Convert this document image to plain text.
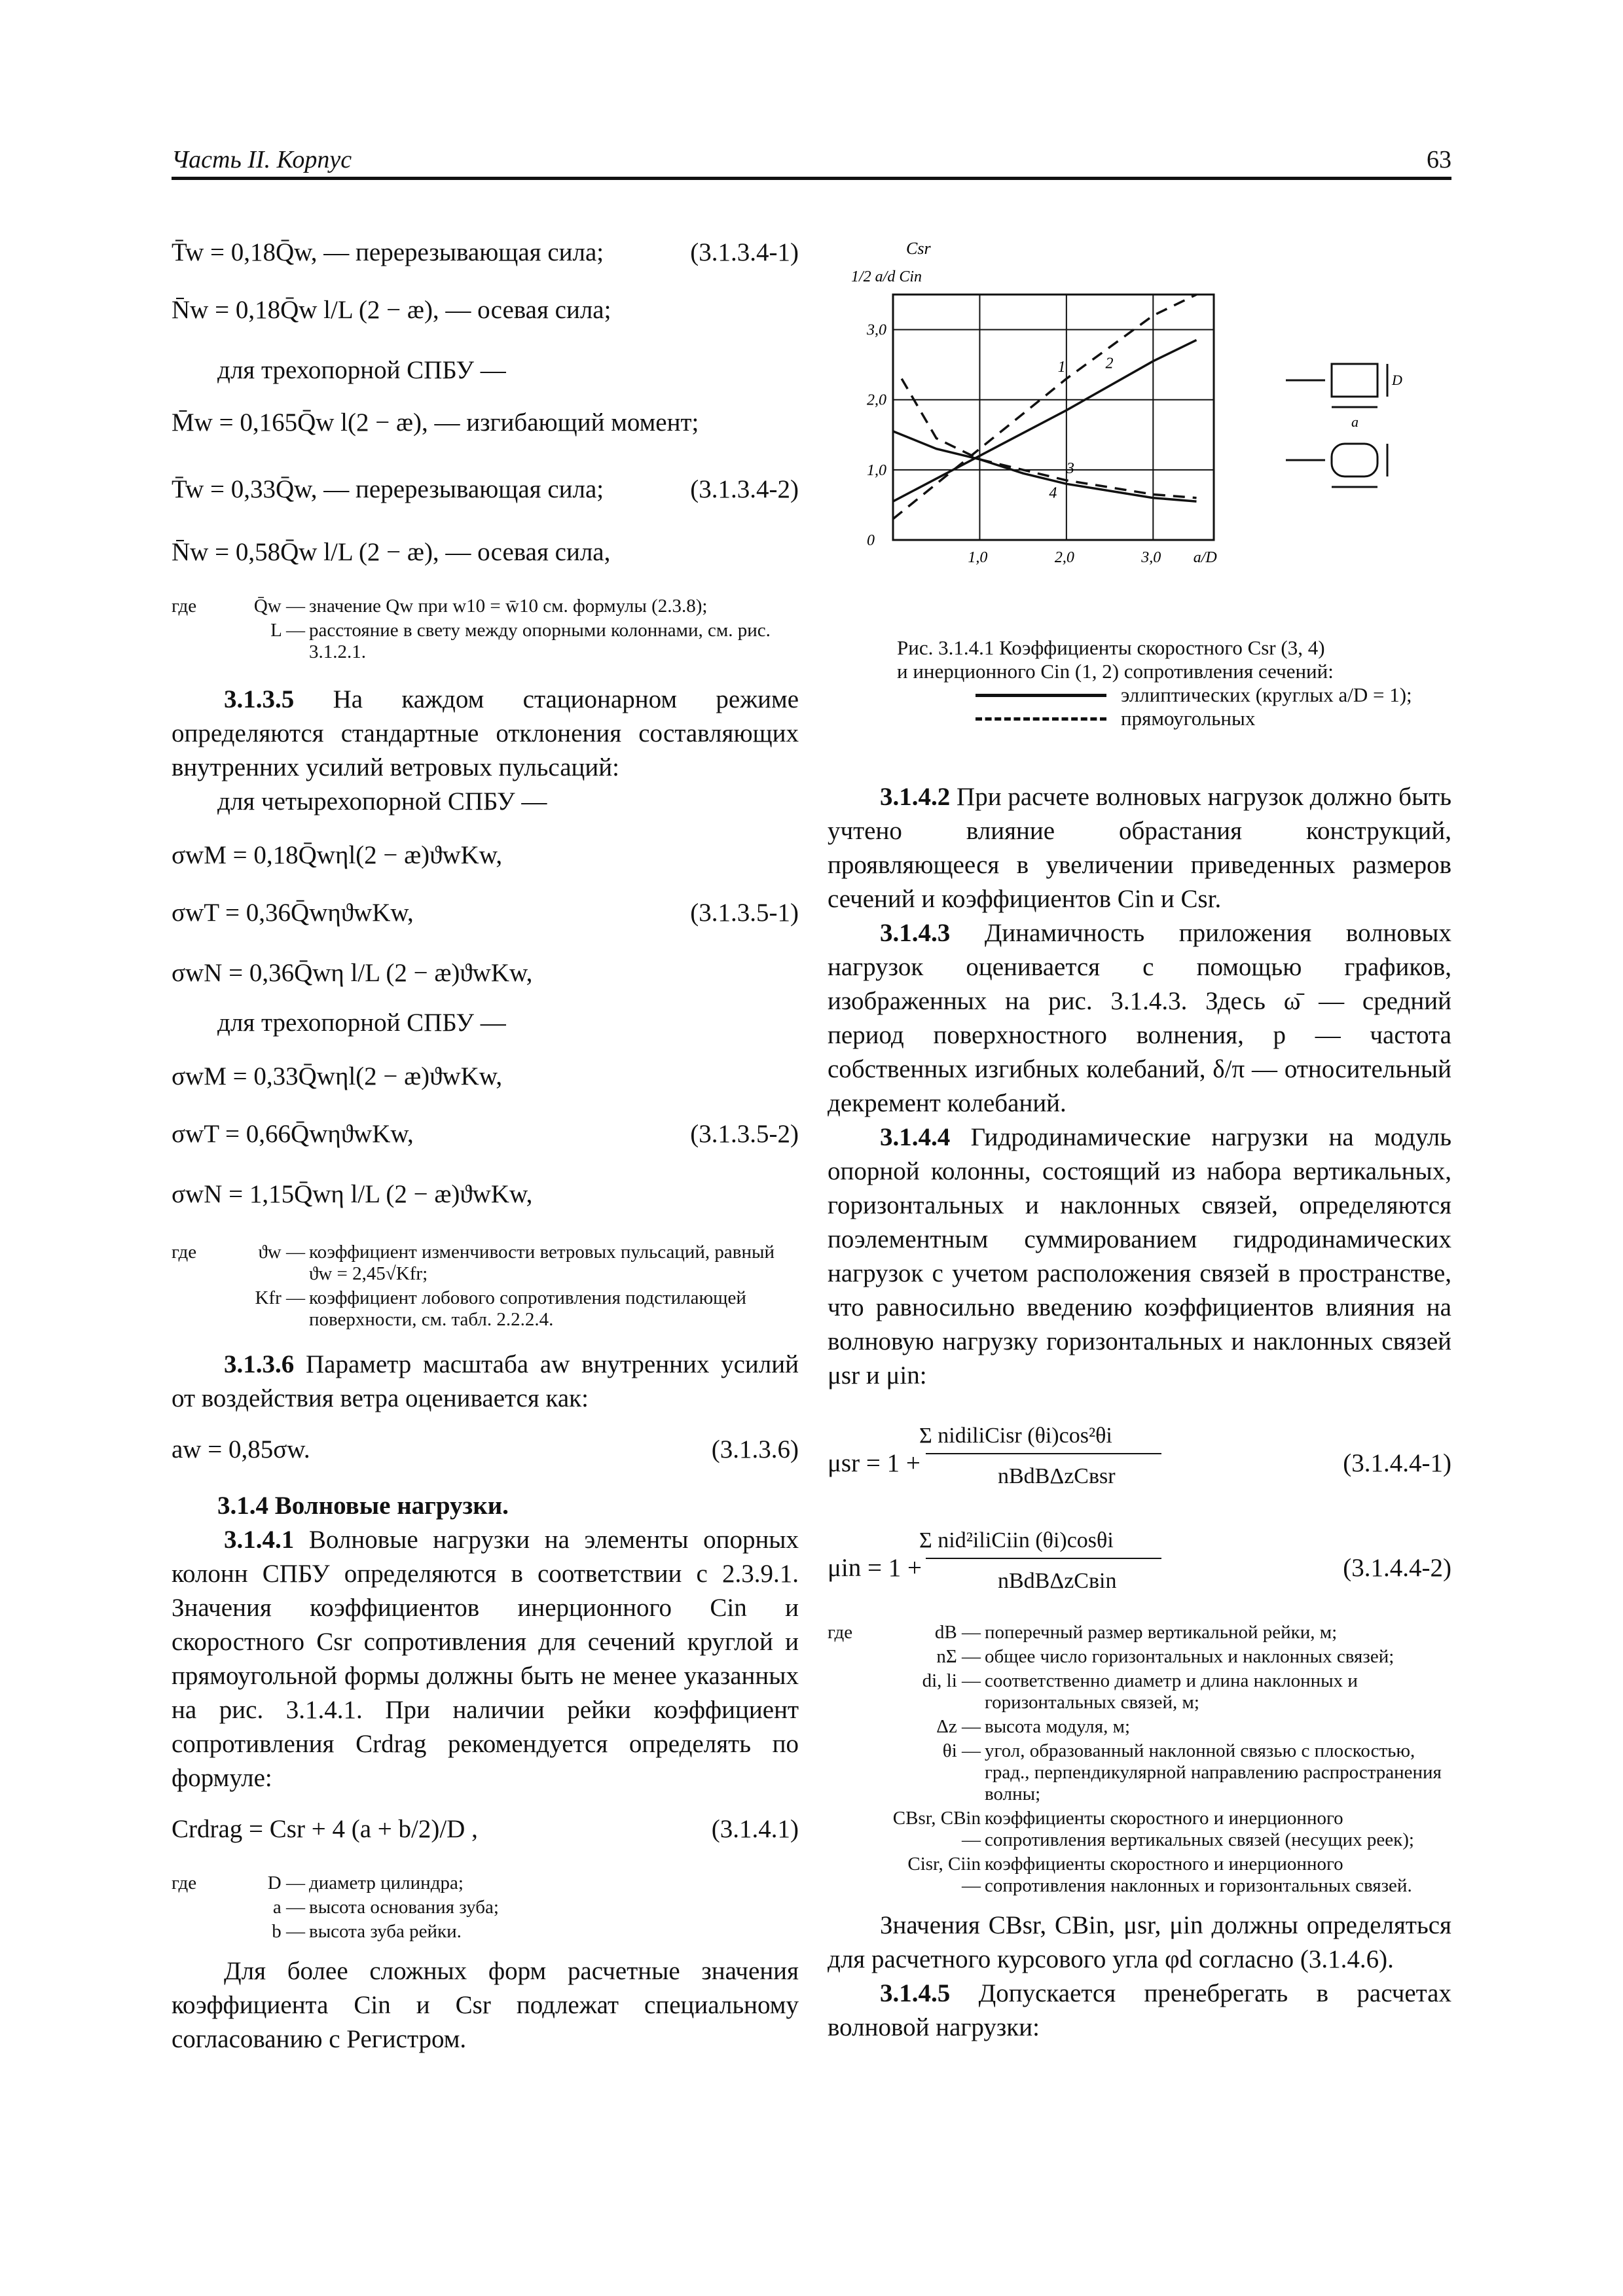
Часть II. Корпус	63
T̄w = 0,18Q̄w, — перерезывающая сила;	(3.1.3.4-1)
N̄w = 0,18Q̄w l/L (2 − æ), — осевая сила;

для трехопорной СПБУ —

M̄w = 0,165Q̄w l(2 − æ), — изгибающий момент;
T̄w = 0,33Q̄w, — перерезывающая сила;	(3.1.3.4-2)
N̄w = 0,58Q̄w l/L (2 − æ), — осевая сила,
где	Q̄w — значение Qw при w10 = w̄10 см. формулы (2.3.8);
L — расстояние в свету между опорными колоннами, см. рис. 3.1.2.1.

3.1.3.5 На каждом стационарном режиме определяются стандартные отклонения составляющих внутренних усилий ветровых пульсаций:

для четырехопорной СПБУ —

σwM = 0,18Q̄wηl(2 − æ)ϑwKw,
σwT = 0,36Q̄wηϑwKw,	(3.1.3.5-1)
σwN = 0,36Q̄wη l/L (2 − æ)ϑwKw,

для трехопорной СПБУ —

σwM = 0,33Q̄wηl(2 − æ)ϑwKw,
σwT = 0,66Q̄wηϑwKw,	(3.1.3.5-2)
σwN = 1,15Q̄wη l/L (2 − æ)ϑwKw,
где	ϑw — коэффициент изменчивости ветровых пульсаций, равный ϑw = 2,45√Kfr;
Kfr — коэффициент лобового сопротивления подстилающей поверхности, см. табл. 2.2.2.4.

3.1.3.6 Параметр масштаба aw внутренних усилий от воздействия ветра оценивается как:

aw = 0,85σw.	(3.1.3.6)

3.1.4 Волновые нагрузки.

3.1.4.1 Волновые нагрузки на элементы опорных колонн СПБУ определяются в соответствии с 2.3.9.1. Значения коэффициентов инерционного Cin и скоростного Csr сопротивления для сечений круглой и прямоугольной формы должны быть не менее указанных на рис. 3.1.4.1. При наличии рейки коэффициент сопротивления Crdrag рекомендуется определять по формуле:

Crdrag = Csr + 4 (a + b/2)/D ,	(3.1.4.1)
где	D — диаметр цилиндра;
a — высота основания зуба;
b — высота зуба рейки.

Для более сложных форм расчетные значения коэффициента Cin и Csr подлежат специальному согласованию с Регистром.

Csr
1/2 a/d Cin
1,0	2,0	3,0 a/D
0
1,0
2,0
3,0
1	2
3
4
a
D
Рис. 3.1.4.1 Коэффициенты скоростного Csr (3, 4)
и инерционного Cin (1, 2) сопротивления сечений:
эллиптических (круглых a/D = 1);
прямоугольных

3.1.4.2 При расчете волновых нагрузок должно быть учтено влияние обрастания конструкций, проявляющееся в увеличении приведенных размеров сечений и коэффициентов Cin и Csr.

3.1.4.3 Динамичность приложения волновых нагрузок оценивается с помощью графиков, изображенных на рис. 3.1.4.3. Здесь ω̄ — средний период поверхностного волнения, p — частота собственных изгибных колебаний, δ/π — относительный декремент колебаний.

3.1.4.4 Гидродинамические нагрузки на модуль опорной колонны, состоящий из набора вертикальных, горизонтальных и наклонных связей, определяются поэлементным суммированием гидродинамических нагрузок с учетом расположения связей в пространстве, что равносильно введению коэффициентов влияния на волновую нагрузку горизонтальных и наклонных связей μsr и μin:

μsr = 1 +
Σ nidiliCisr (θi)cos²θi
nBdBΔzCвsr	(3.1.4.4-1)
μin = 1 +
Σ nid²iliCiin (θi)cosθi
nBdBΔzCвin	(3.1.4.4-2)
где	dВ — поперечный размер вертикальной рейки, м;
nΣ — общее число горизонтальных и наклонных связей;
di, li — соответственно диаметр и длина наклонных и горизонтальных связей, м;
Δz — высота модуля, м;
θi — угол, образованный наклонной связью с плоскостью, град., перпендикулярной направлению распространения волны;
CВsr, CВin —
коэффициенты скоростного и инерционного сопротивления вертикальных связей (несущих реек);
Cisr, Ciin —
коэффициенты скоростного и инерционного сопротивления наклонных и горизонтальных связей.

Значения CВsr, CВin, μsr, μin должны определяться для расчетного курсового угла φd согласно (3.1.4.6).

3.1.4.5 Допускается пренебрегать в расчетах волновой нагрузки:
